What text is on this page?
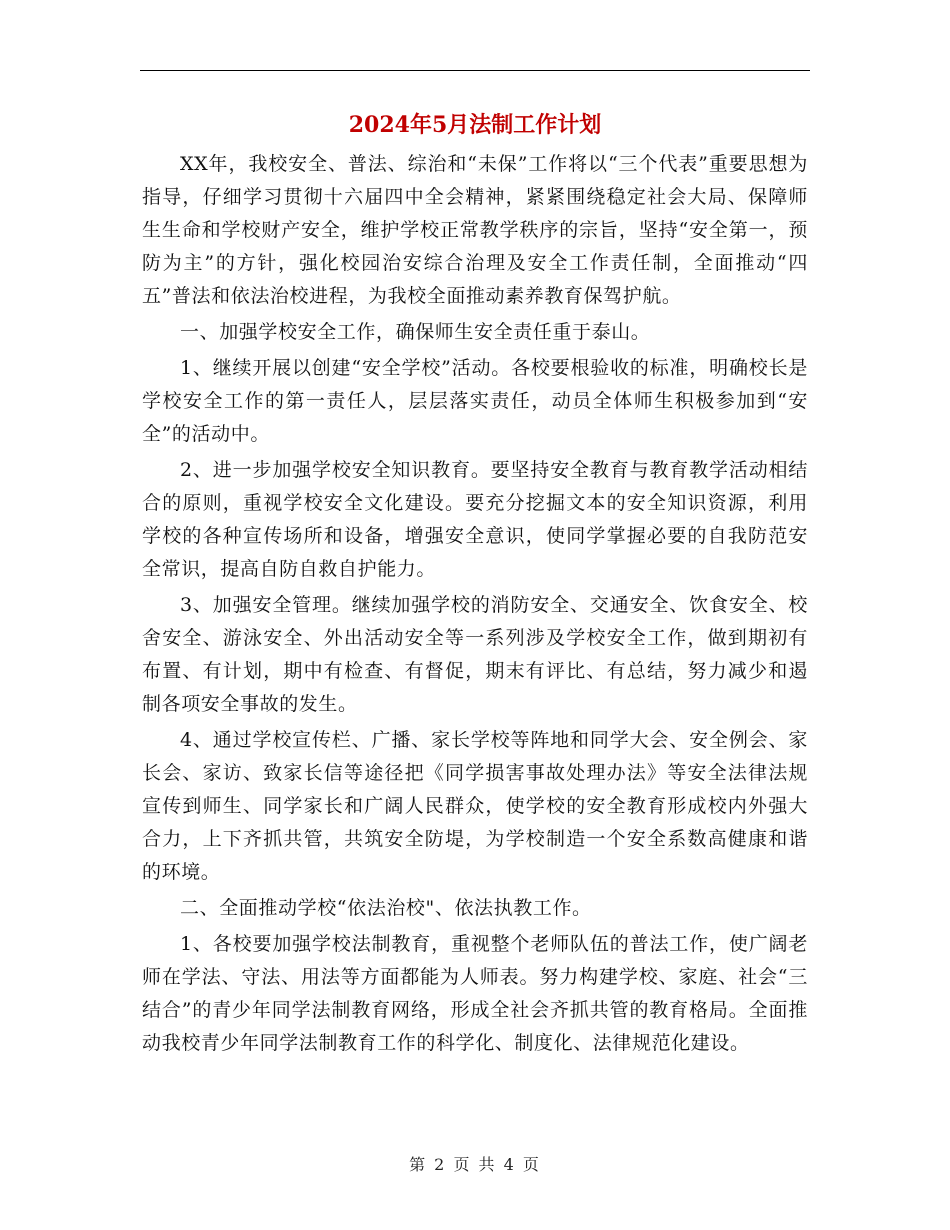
2024年5月法制工作计划

XX年，我校安全、普法、综治和“未保”工作将以“三个代表”重要思想为指导，仔细学习贯彻十六届四中全会精神，紧紧围绕稳定社会大局、保障师生生命和学校财产安全，维护学校正常教学秩序的宗旨，坚持“安全第一，预防为主”的方针，强化校园治安综合治理及安全工作责任制，全面推动“四五”普法和依法治校进程，为我校全面推动素养教育保驾护航。

一、加强学校安全工作，确保师生安全责任重于泰山。

1、继续开展以创建“安全学校”活动。各校要根验收的标准，明确校长是学校安全工作的第一责任人，层层落实责任，动员全体师生积极参加到“安全”的活动中。

2、进一步加强学校安全知识教育。要坚持安全教育与教育教学活动相结合的原则，重视学校安全文化建设。要充分挖掘文本的安全知识资源，利用学校的各种宣传场所和设备，增强安全意识，使同学掌握必要的自我防范安全常识，提高自防自救自护能力。

3、加强安全管理。继续加强学校的消防安全、交通安全、饮食安全、校舍安全、游泳安全、外出活动安全等一系列涉及学校安全工作，做到期初有布置、有计划，期中有检查、有督促，期末有评比、有总结，努力减少和遏制各项安全事故的发生。

4、通过学校宣传栏、广播、家长学校等阵地和同学大会、安全例会、家长会、家访、致家长信等途径把《同学损害事故处理办法》等安全法律法规宣传到师生、同学家长和广阔人民群众，使学校的安全教育形成校内外强大合力，上下齐抓共管，共筑安全防堤，为学校制造一个安全系数高健康和谐的环境。

二、全面推动学校“依法治校"、依法执教工作。

1、各校要加强学校法制教育，重视整个老师队伍的普法工作，使广阔老师在学法、守法、用法等方面都能为人师表。努力构建学校、家庭、社会“三结合”的青少年同学法制教育网络，形成全社会齐抓共管的教育格局。全面推动我校青少年同学法制教育工作的科学化、制度化、法律规范化建设。

第 2 页 共 4 页
